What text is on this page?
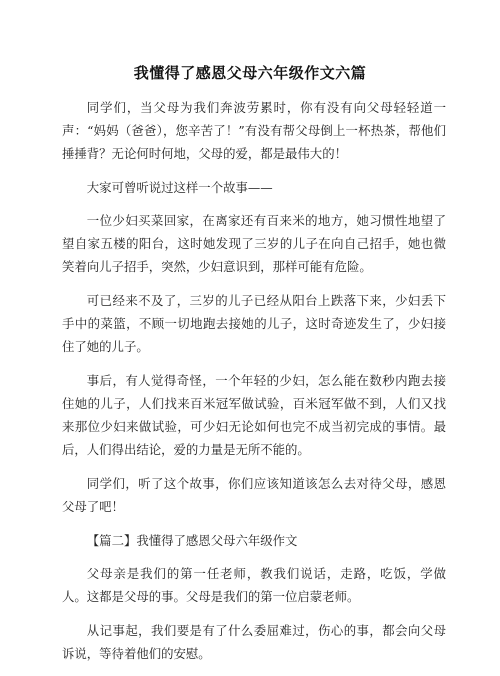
我懂得了感恩父母六年级作文六篇

同学们，当父母为我们奔波劳累时，你有没有向父母轻轻道一声：“妈妈（爸爸），您辛苦了！”有没有帮父母倒上一杯热茶，帮他们捶捶背？无论何时何地，父母的爱，都是最伟大的！

大家可曾听说过这样一个故事——

一位少妇买菜回家，在离家还有百来米的地方，她习惯性地望了望自家五楼的阳台，这时她发现了三岁的儿子在向自己招手，她也微笑着向儿子招手，突然，少妇意识到，那样可能有危险。

可已经来不及了，三岁的儿子已经从阳台上跌落下来，少妇丢下手中的菜篮，不顾一切地跑去接她的儿子，这时奇迹发生了，少妇接住了她的儿子。

事后，有人觉得奇怪，一个年轻的少妇，怎么能在数秒内跑去接住她的儿子，人们找来百米冠军做试验，百米冠军做不到，人们又找来那位少妇来做试验，可少妇无论如何也完不成当初完成的事情。最后，人们得出结论，爱的力量是无所不能的。

同学们，听了这个故事，你们应该知道该怎么去对待父母，感恩父母了吧！

【篇二】我懂得了感恩父母六年级作文

父母亲是我们的第一任老师，教我们说话，走路，吃饭，学做人。这都是父母的事。父母是我们的第一位启蒙老师。

从记事起，我们要是有了什么委屈难过，伤心的事，都会向父母诉说，等待着他们的安慰。
